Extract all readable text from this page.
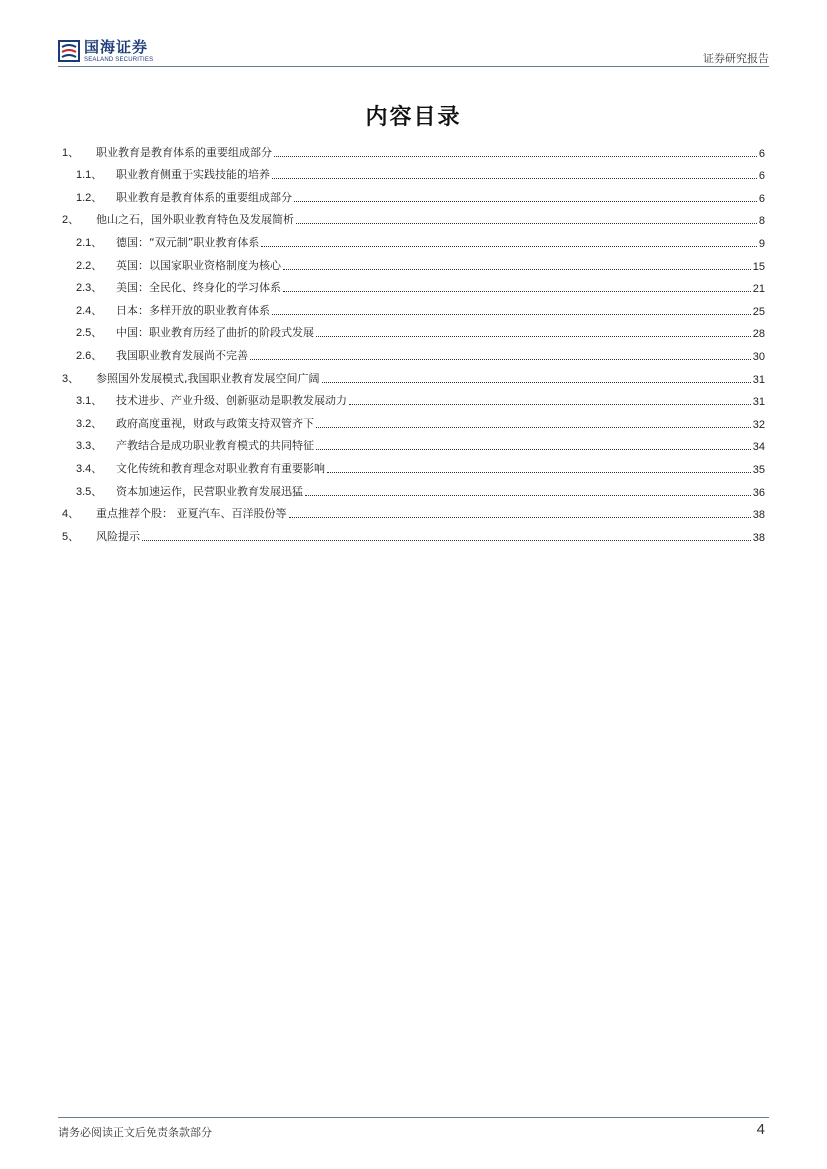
国海证券
SEALAND SECURITIES	证券研究报告
内容目录
1、	职业教育是教育体系的重要组成部分	6
1.1、	职业教育侧重于实践技能的培养	6
1.2、	职业教育是教育体系的重要组成部分	6
2、	他山之石，国外职业教育特色及发展简析	8
2.1、	德国：“双元制”职业教育体系	9
2.2、	英国：以国家职业资格制度为核心	15
2.3、	美国：全民化、终身化的学习体系	21
2.4、	日本：多样开放的职业教育体系	25
2.5、	中国：职业教育历经了曲折的阶段式发展	28
2.6、	我国职业教育发展尚不完善	30
3、	参照国外发展模式,我国职业教育发展空间广阔	31
3.1、	技术进步、产业升级、创新驱动是职教发展动力	31
3.2、	政府高度重视，财政与政策支持双管齐下	32
3.3、	产教结合是成功职业教育模式的共同特征	34
3.4、	文化传统和教育理念对职业教育有重要影响	35
3.5、	资本加速运作，民营职业教育发展迅猛	36
4、	重点推荐个股： 亚夏汽车、百洋股份等	38
5、	风险提示	38
请务必阅读正文后免责条款部分	4
